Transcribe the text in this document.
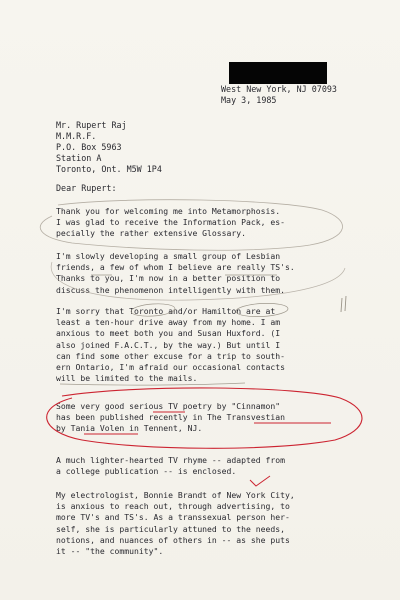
West New York, NJ 07093
May 3, 1985
Mr. Rupert Raj
M.M.R.F.
P.O. Box 5963
Station A
Toronto, Ont. M5W 1P4
Dear Rupert:
Thank you for welcoming me into Metamorphosis.
I was glad to receive the Information Pack, es-
pecially the rather extensive Glossary.
I'm slowly developing a small group of Lesbian
friends, a few of whom I believe are really TS's.
Thanks to you, I'm now in a better position to
discuss the phenomenon intelligently with them.
I'm sorry that Toronto and/or Hamilton are at
least a ten-hour drive away from my home. I am
anxious to meet both you and Susan Huxford. (I
also joined F.A.C.T., by the way.) But until I
can find some other excuse for a trip to south-
ern Ontario, I'm afraid our occasional contacts
will be limited to the mails.
Some very good serious TV poetry by "Cinnamon"
has been published recently in The Transvestian
by Tania Volen in Tennent, NJ.
A much lighter-hearted TV rhyme -- adapted from
a college publication -- is enclosed.
My electrologist, Bonnie Brandt of New York City,
is anxious to reach out, through advertising, to
more TV's and TS's. As a transsexual person her-
self, she is particularly attuned to the needs,
notions, and nuances of others in -- as she puts
it -- "the community".
